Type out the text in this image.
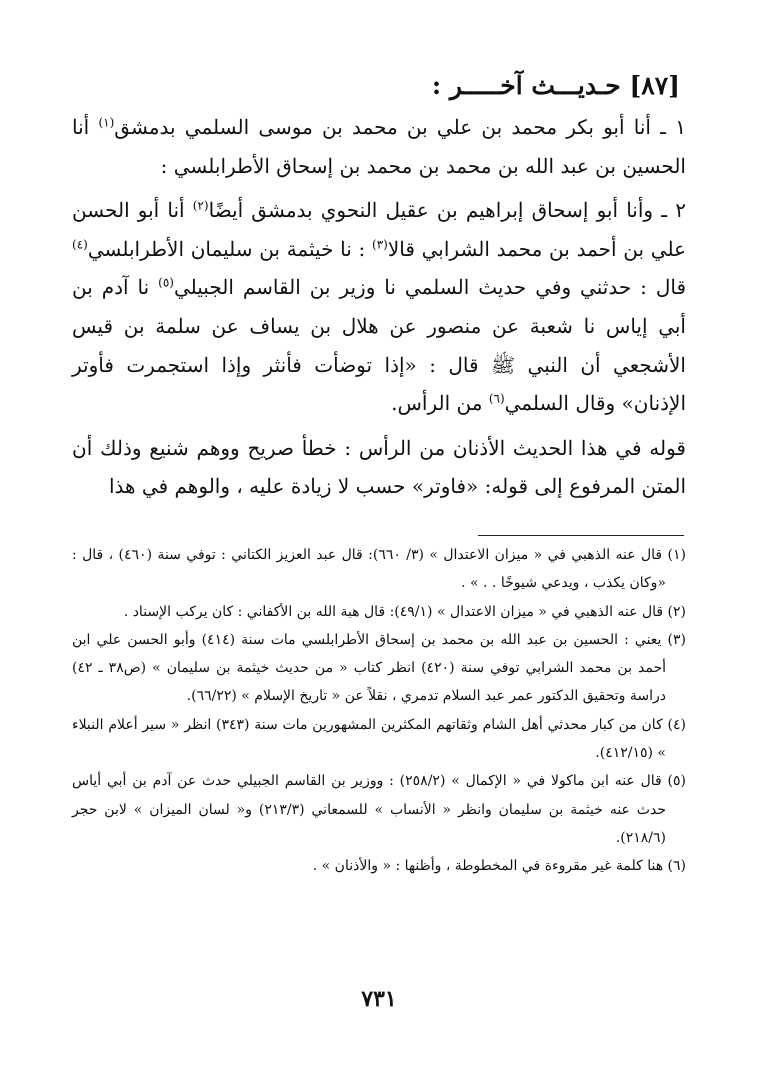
[٨٧] حـديـــث آخـــــر :

١ ـ أنا أبو بكر محمد بن علي بن محمد بن موسى السلمي بدمشق$^{(١)}$ أنا الحسين بن عبد الله بن محمد بن محمد بن إسحاق الأطرابلسي :

٢ ـ وأنا أبو إسحاق إبراهيم بن عقيل النحوي بدمشق أيضًا$^{(٢)}$ أنا أبو الحسن علي بن أحمد بن محمد الشرابي قالا$^{(٣)}$ : نا خيثمة بن سليمان الأطرابلسي$^{(٤)}$ قال : حدثني وفي حديث السلمي نا وزير بن القاسم الجبيلي$^{(٥)}$ نا آدم بن أبي إياس نا شعبة عن منصور عن هلال بن يساف عن سلمة بن قيس الأشجعي أن النبي ﷺ قال : «إذا توضأت فأنثر وإذا استجمرت فأوتر الإذنان» وقال السلمي$^{(٦)}$ من الرأس.

قوله في هذا الحديث الأذنان من الرأس : خطأ صريح ووهم شنيع وذلك أن المتن المرفوع إلى قوله: «فاوتر» حسب لا زيادة عليه ، والوهم في هذا

(١) قال عنه الذهبي في « ميزان الاعتدال » (٣/ ٦٦٠): قال عبد العزيز الكتاني : توفي سنة (٤٦٠) ، قال : «وكان يكذب ، ويدعي شيوخًا . . » .

(٢) قال عنه الذهبي في « ميزان الاعتدال » (٤٩/١): قال هبة الله بن الأكفاني : كان يركب الإسناد .

(٣) يعني : الحسين بن عبد الله بن محمد بن إسحاق الأطرابلسي مات سنة (٤١٤) وأبو الحسن علي ابن أحمد بن محمد الشرابي توفي سنة (٤٢٠) انظر كتاب « من حديث خيثمة بن سليمان » (ص٣٨ ـ ٤٢) دراسة وتحقيق الدكتور عمر عبد السلام تدمري ، نقلاً عن « تاريخ الإسلام » (٦٦/٢٢).

(٤) كان من كبار محدثي أهل الشام وثقاتهم المكثرين المشهورين مات سنة (٣٤٣) انظر « سير أعلام النبلاء » (٤١٢/١٥).

(٥) قال عنه ابن ماكولا في « الإكمال » (٢٥٨/٢) : ووزير بن القاسم الجبيلي حدث عن آدم بن أبي أياس حدث عنه خيثمة بن سليمان وانظر « الأنساب » للسمعاني (٢١٣/٣) و« لسان الميزان » لابن حجر (٢١٨/٦).

(٦) هنا كلمة غير مقروءة في المخطوطة ، وأظنها : « والأذنان » .

٧٣١
